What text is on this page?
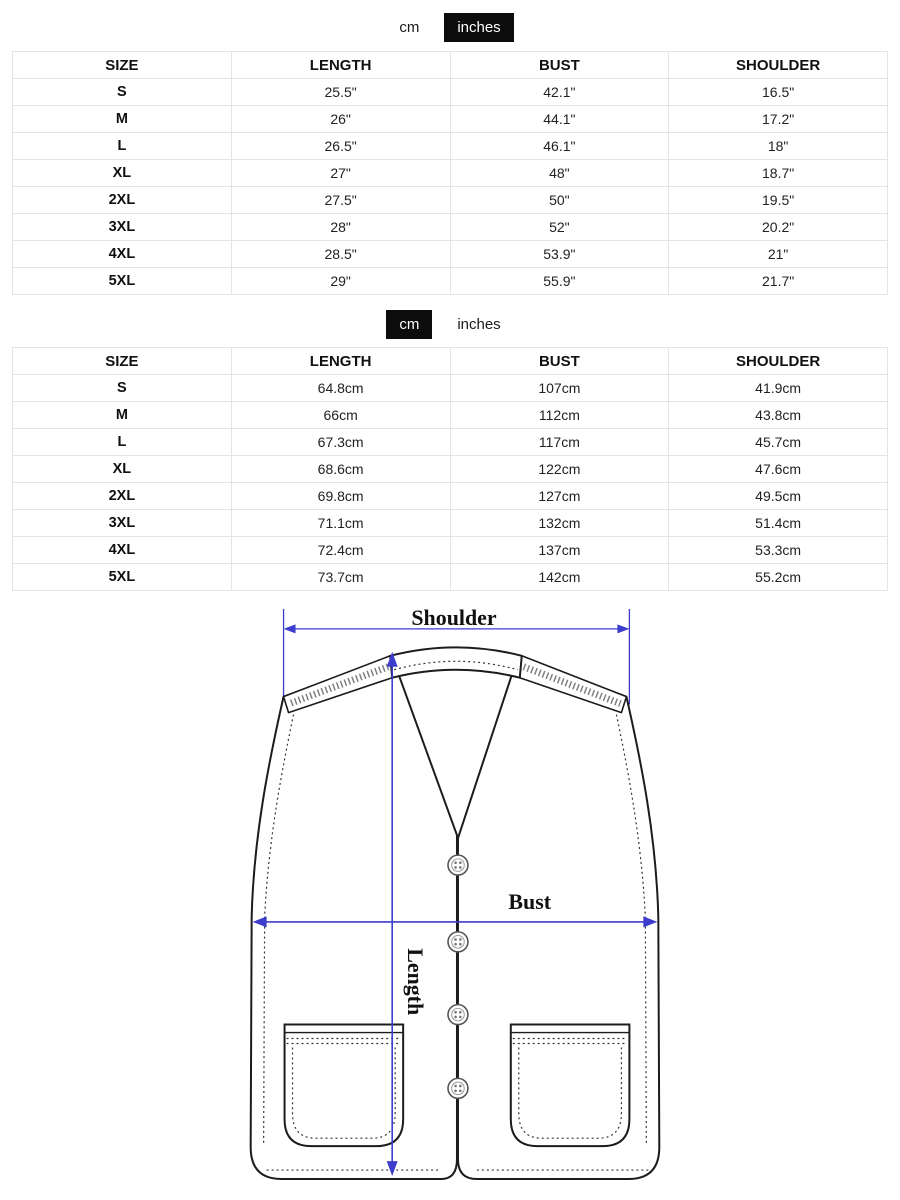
cm	inches
SIZE	LENGTH	BUST	SHOULDER
S	25.5"	42.1"	16.5"
M	26"	44.1"	17.2"
L	26.5"	46.1"	18"
XL	27"	48"	18.7"
2XL	27.5"	50"	19.5"
3XL	28"	52"	20.2"
4XL	28.5"	53.9"	21"
5XL	29"	55.9"	21.7"
cm	inches
SIZE	LENGTH	BUST	SHOULDER
S	64.8cm	107cm	41.9cm
M	66cm	112cm	43.8cm
L	67.3cm	117cm	45.7cm
XL	68.6cm	122cm	47.6cm
2XL	69.8cm	127cm	49.5cm
3XL	71.1cm	132cm	51.4cm
4XL	72.4cm	137cm	53.3cm
5XL	73.7cm	142cm	55.2cm
Shoulder
Bust
Length
